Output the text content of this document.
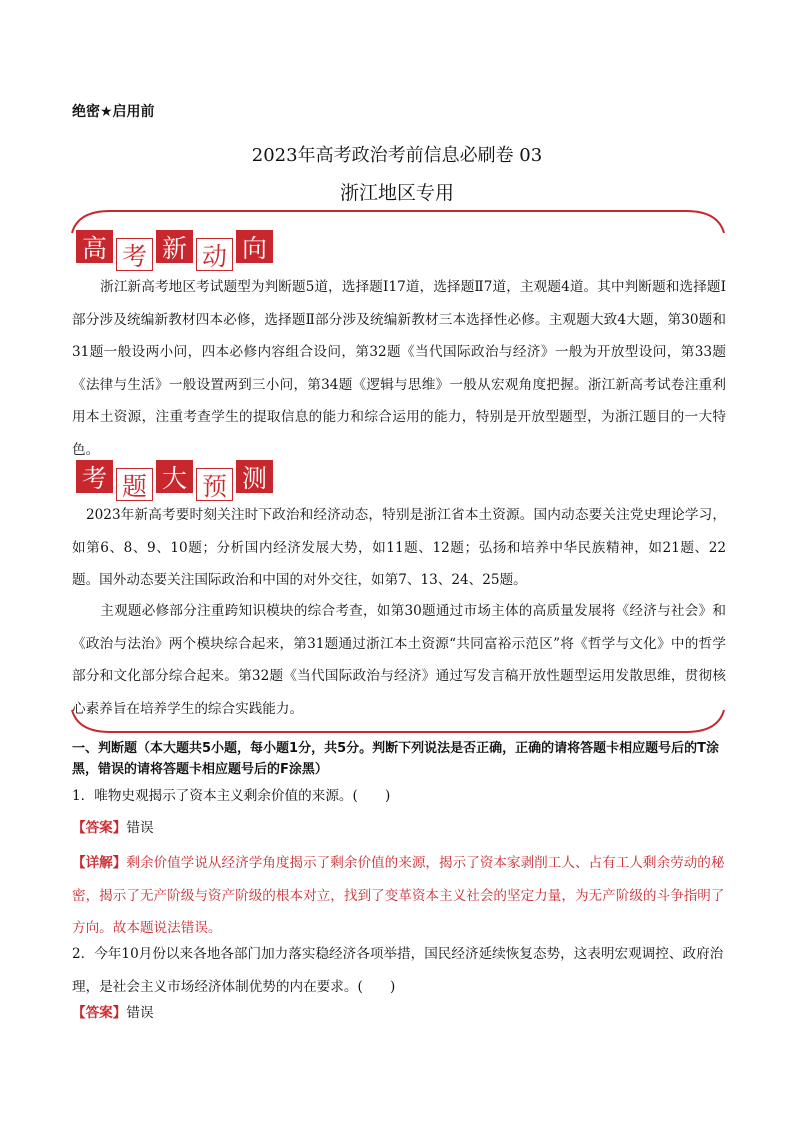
绝密★启用前
2023年高考政治考前信息必刷卷 03
浙江地区专用
高 考 新 动 向
浙江新高考地区考试题型为判断题5道，选择题Ⅰ17道，选择题Ⅱ7道，主观题4道。其中判断题和选择题Ⅰ部分涉及统编新教材四本必修，选择题Ⅱ部分涉及统编新教材三本选择性必修。主观题大致4大题，第30题和31题一般设两小问，四本必修内容组合设问，第32题《当代国际政治与经济》一般为开放型设问，第33题《法律与生活》一般设置两到三小问，第34题《逻辑与思维》一般从宏观角度把握。浙江新高考试卷注重利用本土资源，注重考查学生的提取信息的能力和综合运用的能力，特别是开放型题型，为浙江题目的一大特色。
考 题 大 预 测
2023年新高考要时刻关注时下政治和经济动态，特别是浙江省本土资源。国内动态要关注党史理论学习，如第6、8、9、10题；分析国内经济发展大势，如11题、12题；弘扬和培养中华民族精神，如21题、22题。国外动态要关注国际政治和中国的对外交往，如第7、13、24、25题。
主观题必修部分注重跨知识模块的综合考查，如第30题通过市场主体的高质量发展将《经济与社会》和《政治与法治》两个模块综合起来，第31题通过浙江本土资源“共同富裕示范区”将《哲学与文化》中的哲学部分和文化部分综合起来。第32题《当代国际政治与经济》通过写发言稿开放性题型运用发散思维，贯彻核心素养旨在培养学生的综合实践能力。
一、判断题（本大题共5小题，每小题1分，共5分。判断下列说法是否正确，正确的请将答题卡相应题号后的T涂黑，错误的请将答题卡相应题号后的F涂黑）
1．唯物史观揭示了资本主义剩余价值的来源。(　　)
【答案】错误
【详解】剩余价值学说从经济学角度揭示了剩余价值的来源，揭示了资本家剥削工人、占有工人剩余劳动的秘密，揭示了无产阶级与资产阶级的根本对立，找到了变革资本主义社会的坚定力量，为无产阶级的斗争指明了方向。故本题说法错误。
2．今年10月份以来各地各部门加力落实稳经济各项举措，国民经济延续恢复态势，这表明宏观调控、政府治理，是社会主义市场经济体制优势的内在要求。(　　)
【答案】错误
